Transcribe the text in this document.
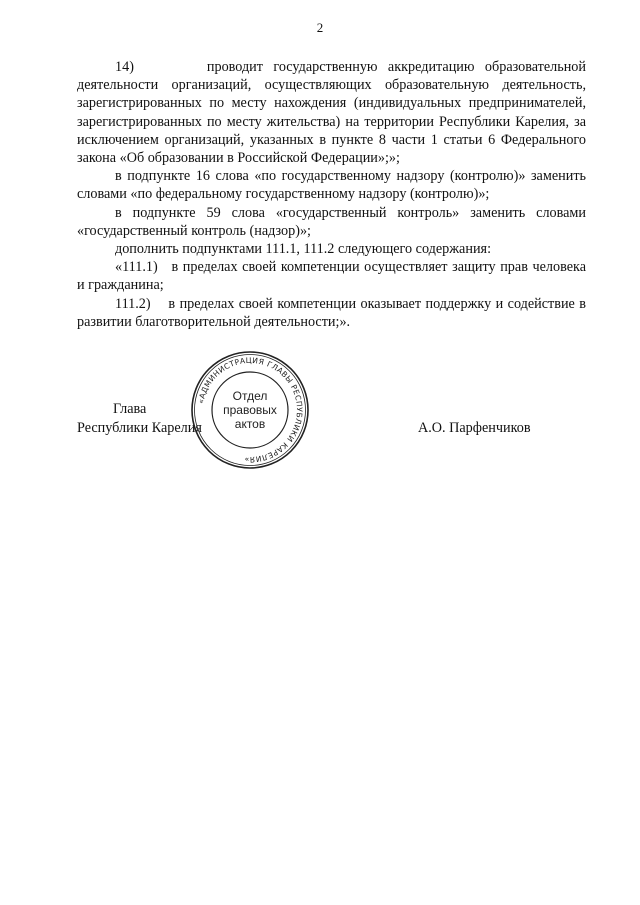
2

14)       проводит государственную аккредитацию образовательной деятельности организаций, осуществляющих образовательную деятельность, зарегистрированных по месту нахождения (индивидуальных предпринимателей, зарегистрированных по месту жительства) на территории Республики Карелия, за исключением организаций, указанных в пункте 8 части 1 статьи 6 Федерального закона «Об образовании в Российской Федерации»;»;

в подпункте 16 слова «по государственному надзору (контролю)» заменить словами «по федеральному государственному надзору (контролю)»;

в подпункте 59 слова «государственный контроль» заменить словами «государственный контроль (надзор)»;

дополнить подпунктами 111.1, 111.2 следующего содержания:

«111.1)   в пределах своей компетенции осуществляет защиту прав человека и гражданина;

111.2)    в пределах своей компетенции оказывает поддержку и содействие в развитии благотворительной деятельности;».

Глава
Республики Карелия	А.О. Парфенчиков
«АДМИНИСТРАЦИЯ ГЛАВЫ РЕСПУБЛИКИ КАРЕЛИЯ»
Отдел
правовых
актов
